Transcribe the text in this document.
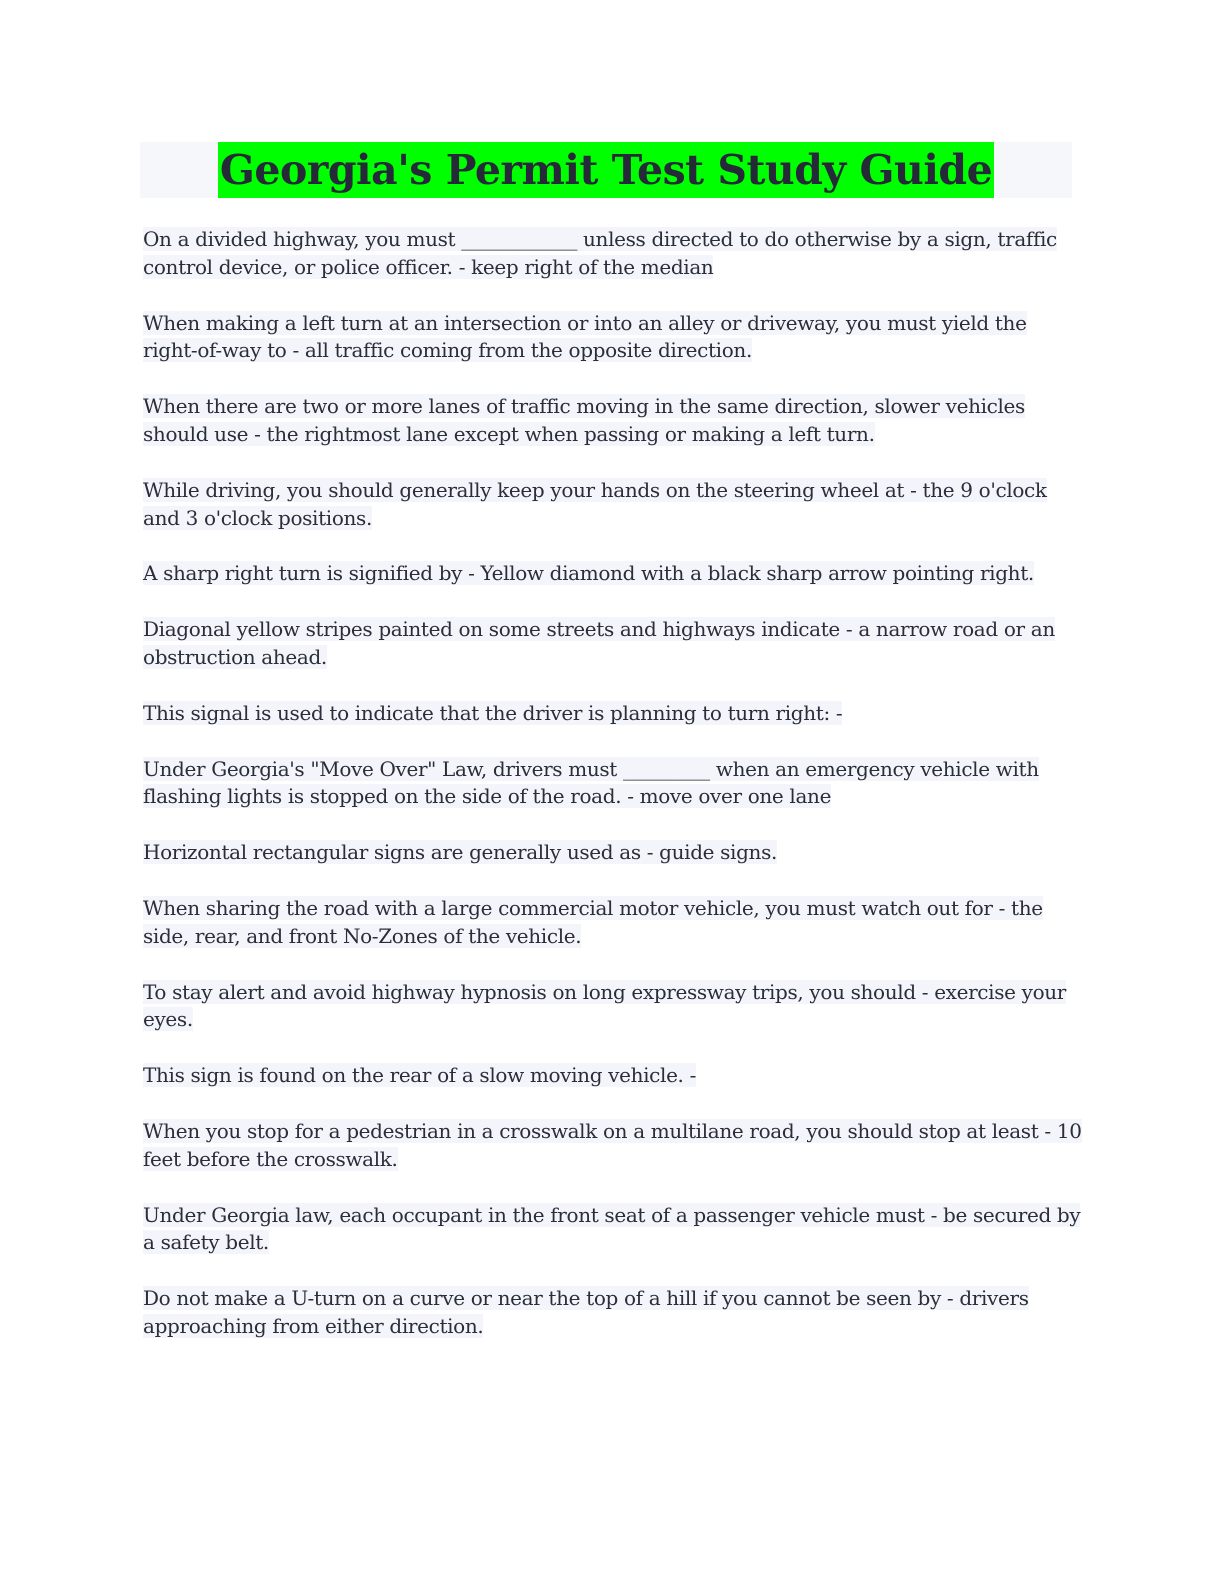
Georgia's Permit Test Study Guide

On a divided highway, you must ____________ unless directed to do otherwise by a sign, traffic control device, or police officer. - keep right of the median

When making a left turn at an intersection or into an alley or driveway, you must yield the right-of-way to - all traffic coming from the opposite direction.

When there are two or more lanes of traffic moving in the same direction, slower vehicles should use - the rightmost lane except when passing or making a left turn.

While driving, you should generally keep your hands on the steering wheel at - the 9 o'clock and 3 o'clock positions.

A sharp right turn is signified by - Yellow diamond with a black sharp arrow pointing right.

Diagonal yellow stripes painted on some streets and highways indicate - a narrow road or an obstruction ahead.

This signal is used to indicate that the driver is planning to turn right: -

Under Georgia's "Move Over" Law, drivers must _________ when an emergency vehicle with flashing lights is stopped on the side of the road. - move over one lane

Horizontal rectangular signs are generally used as - guide signs.

When sharing the road with a large commercial motor vehicle, you must watch out for - the side, rear, and front No-Zones of the vehicle.

To stay alert and avoid highway hypnosis on long expressway trips, you should - exercise your eyes.

This sign is found on the rear of a slow moving vehicle. -

When you stop for a pedestrian in a crosswalk on a multilane road, you should stop at least - 10 feet before the crosswalk.

Under Georgia law, each occupant in the front seat of a passenger vehicle must - be secured by a safety belt.

Do not make a U-turn on a curve or near the top of a hill if you cannot be seen by - drivers approaching from either direction.
